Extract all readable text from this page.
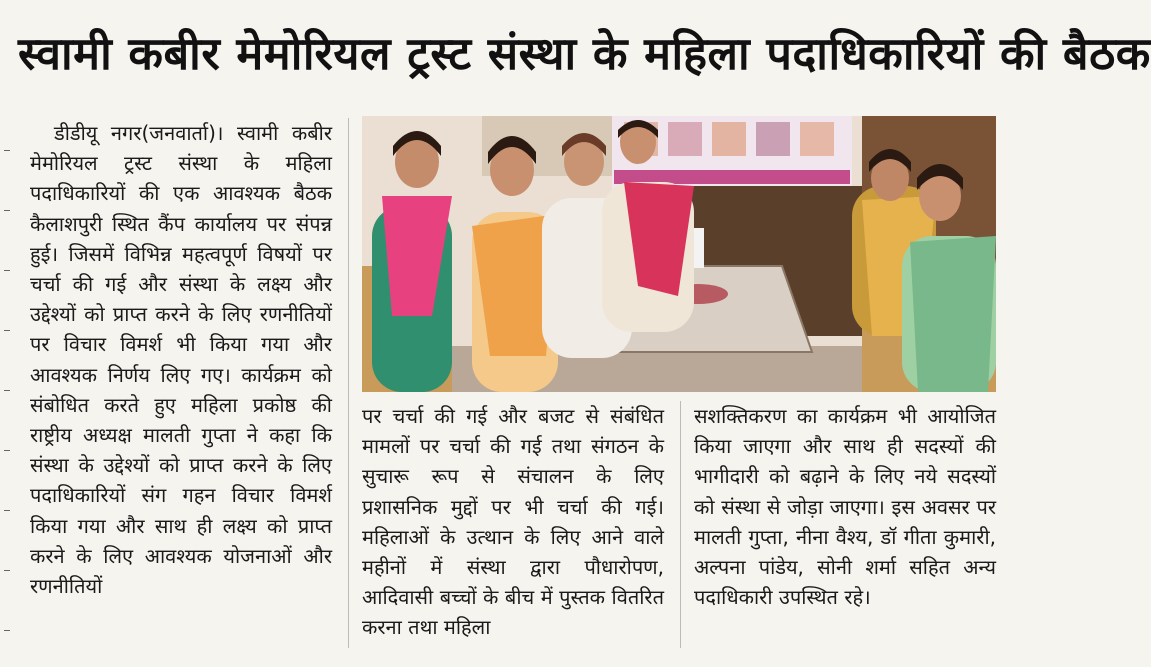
स्वामी कबीर मेमोरियल ट्रस्ट संस्था के महिला पदाधिकारियों की बैठक
डीडीयू नगर(जनवार्ता)। स्वामी कबीर मेमोरियल ट्रस्ट संस्था के महिला पदाधिकारियों की एक आवश्यक बैठक कैलाशपुरी स्थित कैंप कार्यालय पर संपन्न हुई। जिसमें विभिन्न महत्वपूर्ण विषयों पर चर्चा की गई और संस्था के लक्ष्य और उद्देश्यों को प्राप्त करने के लिए रणनीतियों पर विचार विमर्श भी किया गया और आवश्यक निर्णय लिए गए। कार्यक्रम को संबोधित करते हुए महिला प्रकोष्ठ की राष्ट्रीय अध्यक्ष मालती गुप्ता ने कहा कि संस्था के उद्देश्यों को प्राप्त करने के लिए पदाधिकारियों संग गहन विचार विमर्श किया गया और साथ ही लक्ष्य को प्राप्त करने के लिए आवश्यक योजनाओं और रणनीतियों
पर चर्चा की गई और बजट से संबंधित मामलों पर चर्चा की गई तथा संगठन के सुचारू रूप से संचालन के लिए प्रशासनिक मुद्दों पर भी चर्चा की गई। महिलाओं के उत्थान के लिए आने वाले महीनों में संस्था द्वारा पौधारोपण, आदिवासी बच्चों के बीच में पुस्तक वितरित करना तथा महिला
सशक्तिकरण का कार्यक्रम भी आयोजित किया जाएगा और साथ ही सदस्यों की भागीदारी को बढ़ाने के लिए नये सदस्यों को संस्था से जोड़ा जाएगा। इस अवसर पर मालती गुप्ता, नीना वैश्य, डॉ गीता कुमारी, अल्पना पांडेय, सोनी शर्मा सहित अन्य पदाधिकारी उपस्थित रहे।
